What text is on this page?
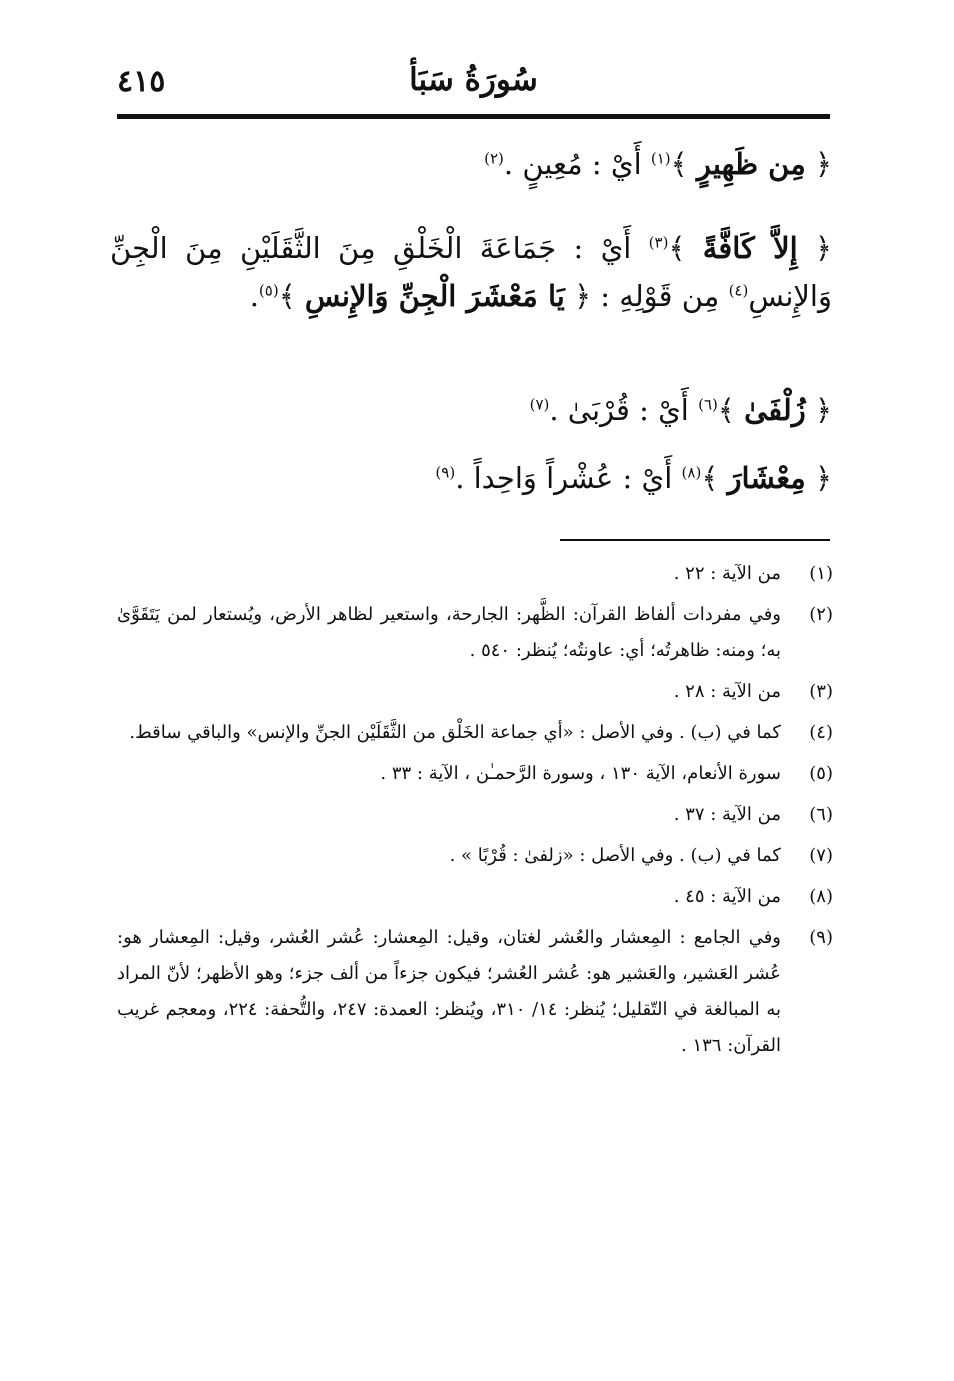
٤١٥	سُورَةُ سَبَأ

﴿ مِن ظَهِيرٍ ﴾$^{(١)}$ أَيْ : مُعِينٍ .$^{(٢)}$

﴿ إِلاَّ كَافَّةً ﴾$^{(٣)}$ أَيْ : جَمَاعَةَ الْخَلْقِ مِنَ الثَّقَلَيْنِ مِنَ الْجِنِّ وَالإِنسِ$^{(٤)}$ مِن قَوْلِهِ : ﴿ يَا مَعْشَرَ الْجِنِّ وَالإِنسِ ﴾$^{(٥)}$.

﴿ زُلْفَىٰ ﴾$^{(٦)}$ أَيْ : قُرْبَىٰ .$^{(٧)}$

﴿ مِعْشَارَ ﴾$^{(٨)}$ أَيْ : عُشْراً وَاحِداً .$^{(٩)}$

(١)
من الآية : ٢٢ .

(٢)
وفي مفردات ألفاظ القرآن: الظَّهر: الجارحة، واستعير لظاهر الأرض، ويُستعار لمن يَتَقَوَّىٰ به؛ ومنه: ظاهرتُه؛ أي: عاونتُه؛ يُنظر: ٥٤٠ .

(٣)
من الآية : ٢٨ .

(٤)
كما في (ب) . وفي الأصل : «أي جماعة الخَلْق من الثَّقَلَيْن الجنِّ والإنس» والباقي ساقط.

(٥)
سورة الأنعام، الآية ١٣٠ ، وسورة الرَّحمـٰن ، الآية : ٣٣ .

(٦)
من الآية : ٣٧ .

(٧)
كما في (ب) . وفي الأصل : «زلفىٰ : قُرْبًا » .

(٨)
من الآية : ٤٥ .

(٩)
وفي الجامع : المِعشار والعُشر لغتان، وقيل: المِعشار: عُشر العُشر، وقيل: المِعشار هو: عُشر العَشير، والعَشير هو: عُشر العُشر؛ فيكون جزءاً من ألف جزء؛ وهو الأظهر؛ لأنّ المراد به المبالغة في التّقليل؛ يُنظر: ١٤/ ٣١٠، ويُنظر: العمدة: ٢٤٧، والتُّحفة: ٢٢٤، ومعجم غريب القرآن: ١٣٦ .
